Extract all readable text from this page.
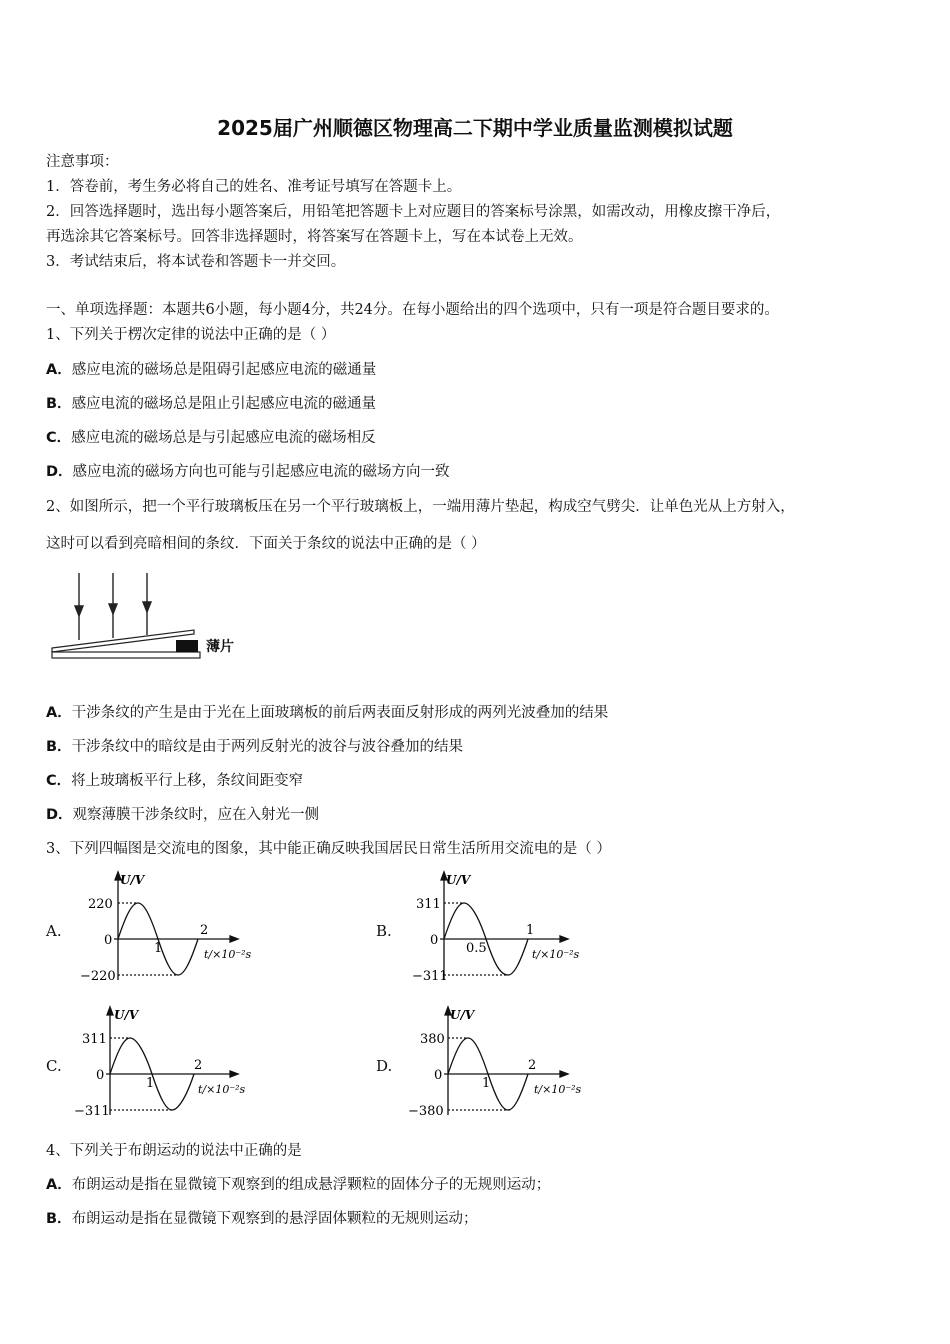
2025届广州顺德区物理高二下期中学业质量监测模拟试题
注意事项：
1．答卷前，考生务必将自己的姓名、准考证号填写在答题卡上。
2．回答选择题时，选出每小题答案后，用铅笔把答题卡上对应题目的答案标号涂黑，如需改动，用橡皮擦干净后，
再选涂其它答案标号。回答非选择题时，将答案写在答题卡上，写在本试卷上无效。
3．考试结束后，将本试卷和答题卡一并交回。
一、单项选择题：本题共6小题，每小题4分，共24分。在每小题给出的四个选项中，只有一项是符合题目要求的。
1、下列关于楞次定律的说法中正确的是（ ）
A．感应电流的磁场总是阻碍引起感应电流的磁通量
B．感应电流的磁场总是阻止引起感应电流的磁通量
C．感应电流的磁场总是与引起感应电流的磁场相反
D．感应电流的磁场方向也可能与引起感应电流的磁场方向一致
2、如图所示，把一个平行玻璃板压在另一个平行玻璃板上，一端用薄片垫起，构成空气劈尖．让单色光从上方射入，
这时可以看到亮暗相间的条纹．下面关于条纹的说法中正确的是（ ）
薄片
A．干涉条纹的产生是由于光在上面玻璃板的前后两表面反射形成的两列光波叠加的结果
B．干涉条纹中的暗纹是由于两列反射光的波谷与波谷叠加的结果
C．将上玻璃板平行上移，条纹间距变窄
D．观察薄膜干涉条纹时，应在入射光一侧
3、下列四幅图是交流电的图象，其中能正确反映我国居民日常生活所用交流电的是（ ）
A.
U/V
220
0
−220
1
2
t/×10⁻²s
B.
U/V
311
0
−311
0.5
1
t/×10⁻²s
C.
U/V
311
0
−311
1
2
t/×10⁻²s
D.
U/V
380
0
−380
1
2
t/×10⁻²s
4、下列关于布朗运动的说法中正确的是
A．布朗运动是指在显微镜下观察到的组成悬浮颗粒的固体分子的无规则运动；
B．布朗运动是指在显微镜下观察到的悬浮固体颗粒的无规则运动；
